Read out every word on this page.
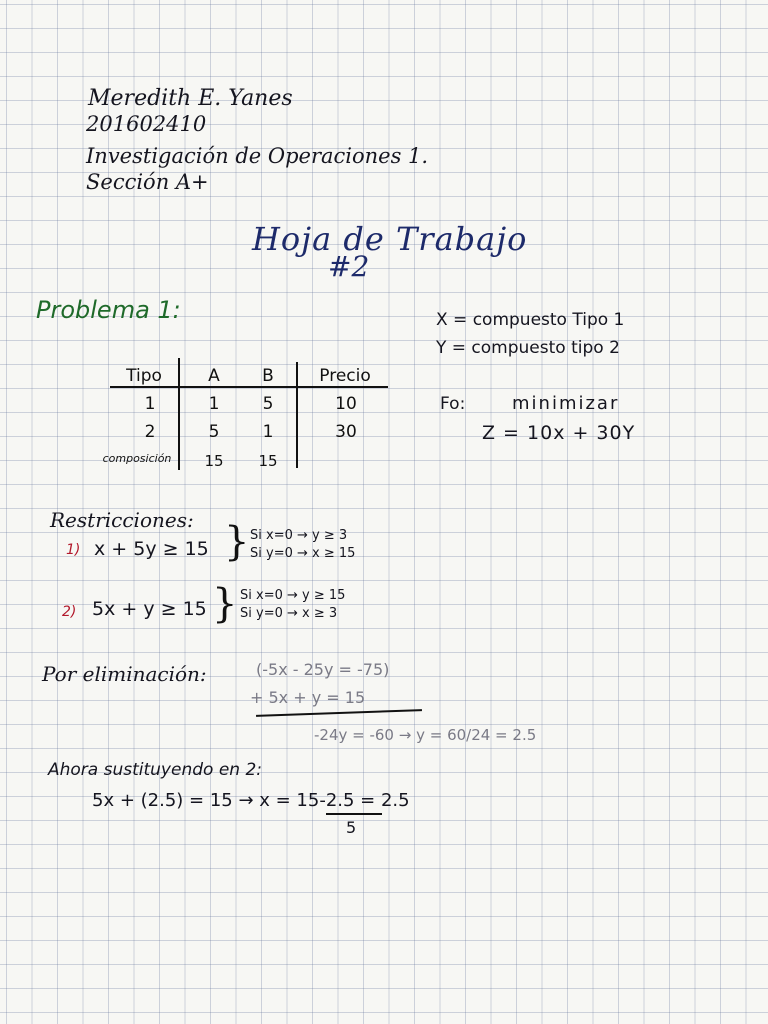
Meredith E. Yanes
201602410
Investigación de Operaciones 1.
Sección A+
Hoja de Trabajo
#2
Problema 1:	X = compuesto Tipo 1
Y = compuesto tipo 2
Fo:	minimizar
Z = 10x + 30Y
Tipo	A	B	Precio
1	1	5	10
2	5	1	30
composición	15	15
Restricciones:
1) x + 5y ≥ 15 } Si x=0 → y ≥ 3
Si y=0 → x ≥ 15
2) 5x + y ≥ 15 } Si x=0 → y ≥ 15
Si y=0 → x ≥ 3
Por eliminación:	(-5x - 25y = -75)
+ 5x + y = 15
-24y = -60 → y = 60/24 = 2.5
Ahora sustituyendo en 2:
5x + (2.5) = 15 → x = 15-2.5 = 2.5
5
